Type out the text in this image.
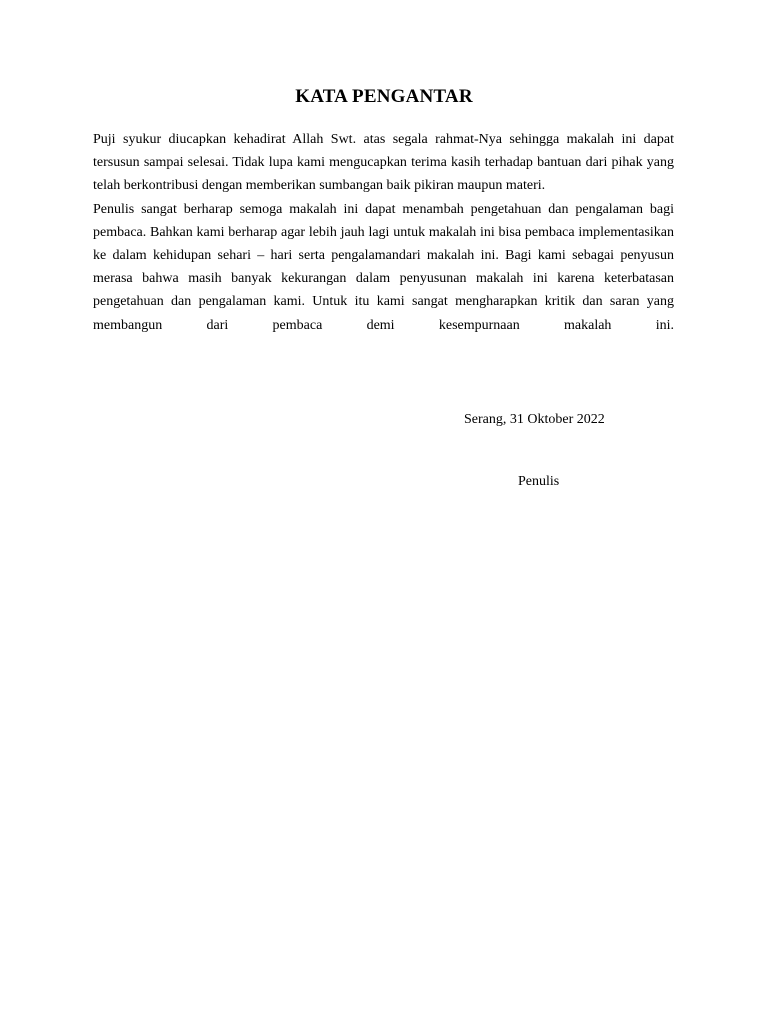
KATA PENGANTAR

Puji syukur diucapkan kehadirat Allah Swt. atas segala rahmat-Nya sehingga makalah ini dapat tersusun sampai selesai. Tidak lupa kami mengucapkan terima kasih terhadap bantuan dari pihak yang telah berkontribusi dengan memberikan sumbangan baik pikiran maupun materi.

Penulis sangat berharap semoga makalah ini dapat menambah pengetahuan dan pengalaman bagi pembaca. Bahkan kami berharap agar lebih jauh lagi untuk makalah ini bisa pembaca implementasikan ke dalam kehidupan sehari – hari serta pengalamandari makalah ini. Bagi kami sebagai penyusun merasa bahwa masih banyak kekurangan dalam penyusunan makalah ini karena keterbatasan pengetahuan dan pengalaman kami. Untuk itu kami sangat mengharapkan kritik dan saran yang membangun dari pembaca demi kesempurnaan makalah ini.

Serang, 31 Oktober 2022
Penulis
